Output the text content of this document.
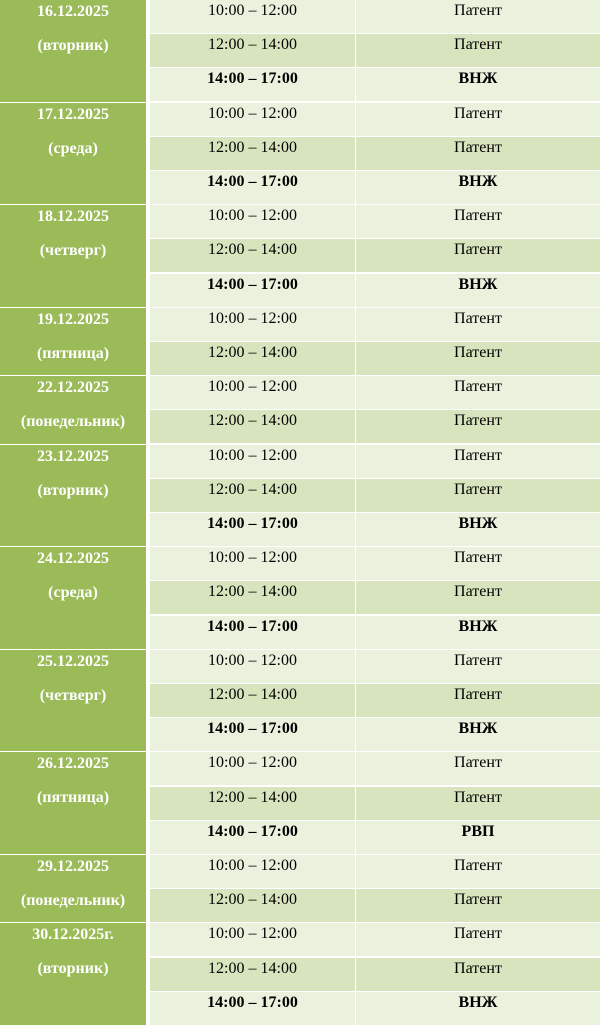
16.12.2025
(вторник)
10:00 – 12:00	Патент
12:00 – 14:00	Патент
14:00 – 17:00	ВНЖ
17.12.2025
(среда)
10:00 – 12:00	Патент
12:00 – 14:00	Патент
14:00 – 17:00	ВНЖ
18.12.2025
(четверг)
10:00 – 12:00	Патент
12:00 – 14:00	Патент
14:00 – 17:00	ВНЖ
19.12.2025
(пятница)
10:00 – 12:00	Патент
12:00 – 14:00	Патент
22.12.2025
(понедельник)
10:00 – 12:00	Патент
12:00 – 14:00	Патент
23.12.2025
(вторник)
10:00 – 12:00	Патент
12:00 – 14:00	Патент
14:00 – 17:00	ВНЖ
24.12.2025
(среда)
10:00 – 12:00	Патент
12:00 – 14:00	Патент
14:00 – 17:00	ВНЖ
25.12.2025
(четверг)
10:00 – 12:00	Патент
12:00 – 14:00	Патент
14:00 – 17:00	ВНЖ
26.12.2025
(пятница)
10:00 – 12:00	Патент
12:00 – 14:00	Патент
14:00 – 17:00	РВП
29.12.2025
(понедельник)
10:00 – 12:00	Патент
12:00 – 14:00	Патент
30.12.2025г.
(вторник)
10:00 – 12:00	Патент
12:00 – 14:00	Патент
14:00 – 17:00	ВНЖ
